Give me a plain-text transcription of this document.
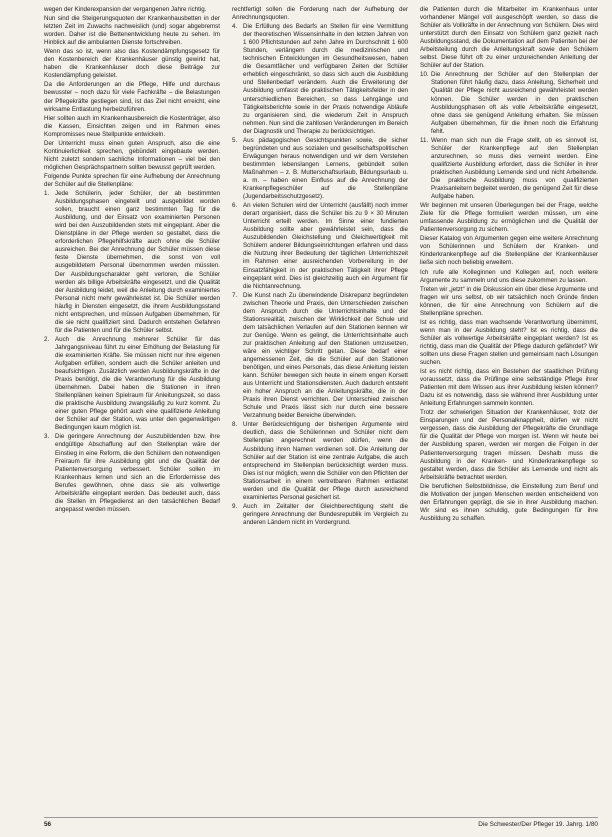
wegen der Kinderexpansion der vergangenen Jahre richtig.

Nun sind die Steigerungsquoten der Krankenhausbetten in der letzten Zeit im Zuwachs nachweislich (und) sogar abgebremst worden. Daher ist die Bettenentwicklung heute zu sehen. Im Hinblick auf die ambulanten Dienste fortschreiben.

Wenn das so ist, wenn also das Kostendämpfungsgesetz für den Kostenbereich der Krankenhäuser günstig gewirkt hat, haben die Krankenhäuser doch diese Beiträge zur Kostendämpfung geleistet.

Da die Anforderungen an die Pflege, Hilfe und durchaus bewusster – noch dazu für viele Fachkräfte – die Belastungen der Pflegekräfte gestiegen sind, ist das Ziel nicht erreicht, eine wirksame Entlastung herbeizuführen.

Hier sollten auch im Krankenhausbereich die Kostenträger, also die Kassen, Einsichten zeigen und im Rahmen eines Kompromisses neue Stellpunkte entwickeln.

Der Unterricht muss einen guten Anspruch, also die eine Kontinuierlichkeit sprechen, gebündelt eingebaute werden. Nicht zuletzt sondern sachliche Informationen – viel bei den möglichen Gesprächspartnern sollten bewusst geprüft werden.

Folgende Punkte sprechen für eine Aufhebung der Anrechnung der Schüler auf die Stellenpläne:

1. Jede Schülerin, jeder Schüler, der ab bestimmten Ausbildungsphasen eingeteilt und ausgebildet worden sollen, braucht einen ganz bestimmten Tag für die Ausbildung, und der Einsatz von examinierten Personen wird bei den Auszubildenden stets mit eingeplant. Aber die Dienstpläne in der Pflege werden so gestaltet, dass die erforderlichen Pflegehilfskräfte auch ohne die Schüler ausreichen. Bei der Anrechnung der Schüler müssen diese feste Dienste übernehmen, die sonst von voll ausgebildetem Personal übernommen werden müssten. Der Ausbildungscharakter geht verloren, die Schüler werden als billige Arbeitskräfte eingesetzt, und die Qualität der Ausbildung leidet, weil die Anleitung durch examiniertes Personal nicht mehr gewährleistet ist. Die Schüler werden häufig in Diensten eingesetzt, die ihrem Ausbildungsstand nicht entsprechen, und müssen Aufgaben übernehmen, für die sie nicht qualifiziert sind. Dadurch entstehen Gefahren für die Patienten und für die Schüler selbst.
2. Auch die Anrechnung mehrerer Schüler für das Jahrgangsniveau führt zu einer Erhöhung der Belastung für die examinierten Kräfte. Sie müssen nicht nur ihre eigenen Aufgaben erfüllen, sondern auch die Schüler anleiten und beaufsichtigen. Zusätzlich werden Ausbildungskräfte in der Praxis benötigt, die die Verantwortung für die Ausbildung übernehmen. Dabei haben die Stationen in ihren Stellenplänen keinen Spielraum für Anleitungszeit, so dass die praktische Ausbildung zwangsläufig zu kurz kommt. Zu einer guten Pflege gehört auch eine qualifizierte Anleitung der Schüler auf der Station, was unter den gegenwärtigen Bedingungen kaum möglich ist.
3. Die geringere Anrechnung der Auszubildenden bzw. ihre endgültige Abschaffung auf den Stellenplan wäre der Einstieg in eine Reform, die den Schülern den notwendigen Freiraum für ihre Ausbildung gibt und die Qualität der Patientenversorgung verbessert. Schüler sollen im Krankenhaus lernen und sich an die Erfordernisse des Berufes gewöhnen, ohne dass sie als vollwertige Arbeitskräfte eingeplant werden. Das bedeutet auch, dass die Stellen im Pflegedienst an den tatsächlichen Bedarf angepasst werden müssen.

rechtfertigt sollen die Forderung nach der Aufhebung der Anrechnungsquoten.

4. Die Erfüllung des Bedarfs an Stellen für eine Vermittlung der theoretischen Wissensinhalte in den letzten Jahren von 1 600 Pflichtstunden auf zehn Jahre im Durchschnitt 1 600 Stunden, verlängern durch die medizinischen und technischen Entwicklungen im Gesundheitswesen, haben die Gesamtfächer und verfügbaren Zeiten der Schüler erheblich eingeschränkt, so dass sich auch die Ausbildung und Stellenbedarf verändern. Auch die Erweiterung der Ausbildung umfasst die praktischen Tätigkeitsfelder in den unterschiedlichen Bereichen, so dass Lehrgänge und Tätigkeitsberichte sowie in der Praxis notwendige Abläufe zu organisieren sind, die wiederum Zeit in Anspruch nehmen. Nun sind die zahllosen Veränderungen im Bereich der Diagnostik und Therapie zu berücksichtigen.
5. Aus pädagogischen Gesichtspunkten sowie, die sicher begründeten und aus sozialen und gesellschaftspolitischen Erwägungen heraus notwendigen und wir dem Verstehen bestimmten lebenslangen Lernens, gebündelt sollen Maßnahmen – z. B. Mutterschaftsurlaub, Bildungsurlaub u. a. m. – haben einen Einfluss auf die Anrechnung der Krankenpflegeschüler auf die Stellenpläne (Jugendarbeitsschutzgesetz).
6. An vielen Schulen wird der Unterricht (ausfällt) noch immer derart organisiert, dass die Schüler bis zu 9 × 30 Minuten Unterricht erteilt werden. Im Sinne einer fundierten Ausbildung sollte aber gewährleistet sein, dass die Auszubildenden Gleichstellung und Gleichwertigkeit mit Schülern anderer Bildungseinrichtungen erfahren und dass die Nutzung ihrer Bedeutung der täglichen Unterrichtszeit im Rahmen einer ausreichenden Vorbereitung in der Einsatzfähigkeit in der praktischen Tätigkeit ihrer Pflege eingeplant wird. Dies ist gleichzeitig auch ein Argument für die Nichtanrechnung.
7. Die Kunst nach Zu überwindende Diskrepanz begründeten zwischen Theorie und Praxis, den Unterschieden zwischen dem Anspruch durch die Unterrichtsinhalte und der Stationsrealität, zwischen der Wirklichkeit der Schule und dem tatsächlichen Verlaufen auf den Stationen kennen wir zur Genüge. Wenn es gelingt, die Unterrichtsinhalte auch zur praktischen Anleitung auf den Stationen umzusetzen, wäre ein wichtiger Schritt getan. Diese bedarf einer angemessenen Zeit, die die Schüler auf den Stationen benötigen, und eines Personals, das diese Anleitung leisten kann. Schüler bewegen sich heute in einem engen Korsett aus Unterricht und Stationsdiensten. Auch dadurch entsteht ein hoher Anspruch an die Anleitungskräfte, die in der Praxis ihren Dienst verrichten. Der Unterschied zwischen Schule und Praxis lässt sich nur durch eine bessere Verzahnung beider Bereiche überwinden.
8. Unter Berücksichtigung der bisherigen Argumente wird deutlich, dass die Schülerinnen und Schüler nicht dem Stellenplan angerechnet werden dürfen, wenn die Ausbildung ihren Namen verdienen soll. Die Anleitung der Schüler auf der Station ist eine zentrale Aufgabe, die auch entsprechend im Stellenplan berücksichtigt werden muss. Dies ist nur möglich, wenn die Schüler von den Pflichten der Stationsarbeit in einem vertretbaren Rahmen entlastet werden und die Qualität der Pflege durch ausreichend examiniertes Personal gesichert ist.
9. Auch im Zeitalter der Gleichberechtigung steht die geringere Anrechnung der Bundesrepublik im Vergleich zu anderen Ländern nicht im Vordergrund.

die Patienten durch die Mitarbeiter im Krankenhaus unter vorhandener Mängel voll ausgeschöpft werden, so dass die Schüler als Vollkräfte in der Anrechnung von Schülern. Dies wird unterstützt durch den Einsatz von Schülern ganz gezielt nach Ausbildungsstand, die Dokumentation auf dem Patienten bei der Arbeitsteilung durch die Anleitungskraft sowie den Schülern selbst. Diese führt oft zu einer unzureichenden Anleitung der Schüler auf der Station.

10. Die Anrechnung der Schüler auf den Stellenplan der Stationen führt häufig dazu, dass Anleitung, Sicherheit und Qualität der Pflege nicht ausreichend gewährleistet werden können. Die Schüler werden in den praktischen Ausbildungsphasen oft als volle Arbeitskräfte eingesetzt, ohne dass sie genügend Anleitung erhalten. Sie müssen Aufgaben übernehmen, für die ihnen noch die Erfahrung fehlt.
11. Wenn man sich nun die Frage stellt, ob es sinnvoll ist, Schüler der Krankenpflege auf den Stellenplan anzurechnen, so muss dies verneint werden. Eine qualifizierte Ausbildung erfordert, dass die Schüler in ihrer praktischen Ausbildung Lernende sind und nicht Arbeitende. Die praktische Ausbildung muss von qualifizierten Praxisanleitern begleitet werden, die genügend Zeit für diese Aufgabe haben.

Wir beginnen mit unseren Überlegungen bei der Frage, welche Ziele für die Pflege formuliert werden müssen, um eine umfassende Ausbildung zu ermöglichen und die Qualität der Patientenversorgung zu sichern.

Dieser Katalog von Argumenten gegen eine weitere Anrechnung von Schülerinnen und Schülern der Kranken- und Kinderkrankenpflege auf die Stellenpläne der Krankenhäuser ließe sich noch beliebig erweitern.

Ich rufe alle Kolleginnen und Kollegen auf, noch weitere Argumente zu sammeln und uns diese zukommen zu lassen.

Treten wir „jetzt“ in die Diskussion ein über diese Argumente und fragen wir uns selbst, ob wir tatsächlich noch Gründe finden können, die für eine Anrechnung von Schülern auf die Stellenpläne sprechen.

Ist es richtig, dass man wachsende Verantwortung übernimmt, wenn man in der Ausbildung steht? Ist es richtig, dass die Schüler als vollwertige Arbeitskräfte eingeplant werden? Ist es richtig, dass man die Qualität der Pflege dadurch gefährdet? Wir sollten uns diese Fragen stellen und gemeinsam nach Lösungen suchen.

Ist es nicht richtig, dass ein Bestehen der staatlichen Prüfung voraussetzt, dass die Prüflinge eine selbständige Pflege ihrer Patienten mit dem Wissen aus ihrer Ausbildung leisten können? Dazu ist es notwendig, dass sie während ihrer Ausbildung unter Anleitung Erfahrungen sammeln konnten.

Trotz der schwierigen Situation der Krankenhäuser, trotz der Einsparungen und der Personalknappheit, dürfen wir nicht vergessen, dass die Ausbildung der Pflegekräfte die Grundlage für die Qualität der Pflege von morgen ist. Wenn wir heute bei der Ausbildung sparen, werden wir morgen die Folgen in der Patientenversorgung tragen müssen. Deshalb muss die Ausbildung in der Kranken- und Kinderkrankenpflege so gestaltet werden, dass die Schüler als Lernende und nicht als Arbeitskräfte betrachtet werden.

Die beruflichen Selbstbildnisse, die Einstellung zum Beruf und die Motivation der jungen Menschen werden entscheidend von den Erfahrungen geprägt, die sie in ihrer Ausbildung machen. Wir sind es ihnen schuldig, gute Bedingungen für ihre Ausbildung zu schaffen.

56	Die Schwester/Der Pfleger 19. Jahrg. 1/80
